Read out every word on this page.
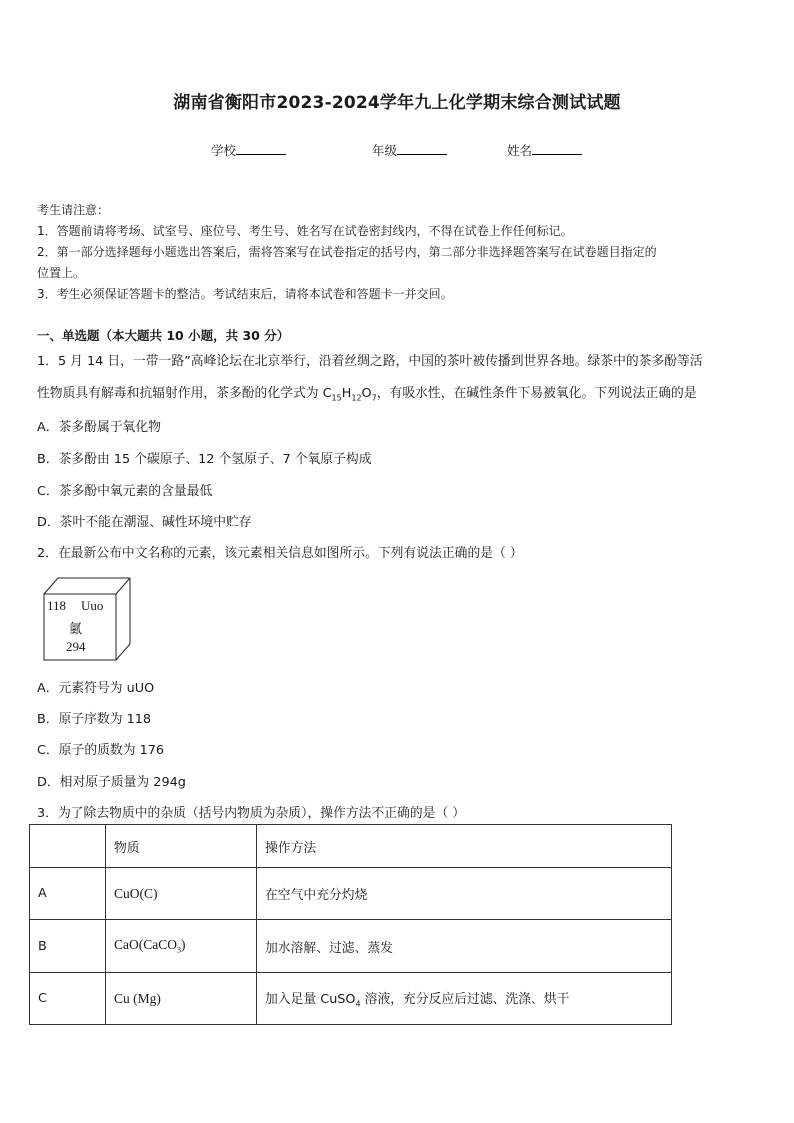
湖南省衡阳市2023-2024学年九上化学期末综合测试试题
学校	年级	姓名
考生请注意：
1．答题前请将考场、试室号、座位号、考生号、姓名写在试卷密封线内，不得在试卷上作任何标记。
2．第一部分选择题每小题选出答案后，需将答案写在试卷指定的括号内，第二部分非选择题答案写在试卷题目指定的
位置上。
3．考生必须保证答题卡的整洁。考试结束后，请将本试卷和答题卡一并交回。
一、单选题（本大题共 10 小题，共 30 分）
1．5 月 14 日，一带一路”高峰论坛在北京举行，沿着丝绸之路，中国的茶叶被传播到世界各地。绿茶中的茶多酚等活
性物质具有解毒和抗辐射作用，茶多酚的化学式为 $C_{15}H_{12}O_7$，有吸水性，在碱性条件下易被氧化。下列说法正确的是
A．茶多酚属于氧化物
B．茶多酚由 15 个碳原子、12 个氢原子、7 个氧原子构成
C．茶多酚中氧元素的含量最低
D．茶叶不能在潮湿、碱性环境中贮存
2．在最新公布中文名称的元素，该元素相关信息如图所示。下列有说法正确的是（ ）
118 Uuo
鿫
294
A．元素符号为 uUO
B．原子序数为 118
C．原子的质数为 176
D．相对原子质量为 294g
3．为了除去物质中的杂质（括号内物质为杂质），操作方法不正确的是（ ）
	物质	操作方法
A	CuO(C)	在空气中充分灼烧
B	CaO(CaCO$_3$)	加水溶解、过滤、蒸发
C	Cu (Mg)	加入足量 CuSO$_4$ 溶液，充分反应后过滤、洗涤、烘干
